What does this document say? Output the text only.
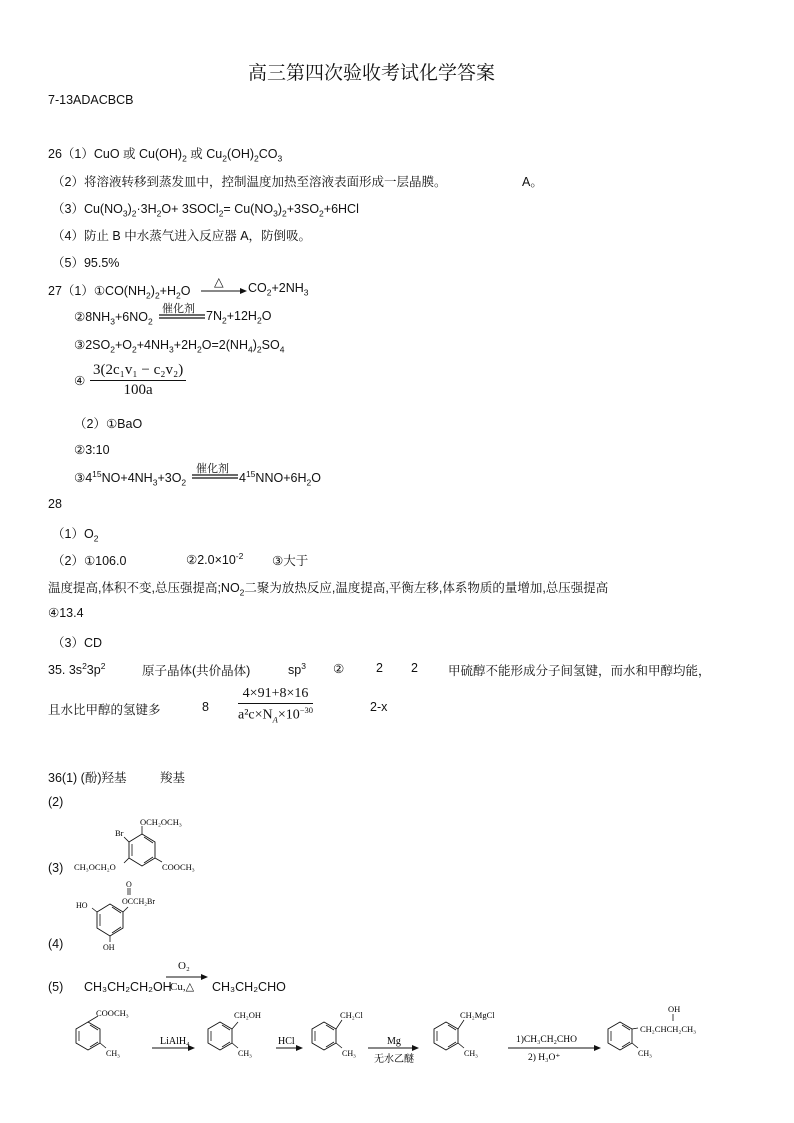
高三第四次验收考试化学答案
7-13ADACBCB
26（1）CuO 或 $Cu(OH)_2$ 或 $Cu_2(OH)_2CO_3$
（2）将溶液转移到蒸发皿中，控制温度加热至溶液表面形成一层晶膜。	A。
$(3)Cu(NO_3)_2\cdot 3H_2O+$ 3SOCl$_2$= $Cu(NO_3)_2+3SO_2+6HCl$
（4）防止 B 中水蒸气进入反应器 A，防倒吸。
（5）95.5%
$27(1)①CO(NH_2)_2+H_2O$
△ → $CO_2+2NH_3$
$②8NH_3+6NO_2$
催化剂 $7N_2+12H_2O$
$③2SO_2+O_2+4NH_3+2H_2O=2(NH_4)_2SO_4$
④ $\frac{\text{3(2c₁v₁ − c₂v₂)}}{100a}$
（2）①BaO
②3:10
$③4^{15}NO+4NH_3+3O_2$
催化剂
$4^{15}NNO+6H_2O$
28
$(1)O_2$
（2）①106.0	$②2.0\times 10^{-2}$ ③大于
温度提高,体积不变,总压强提高$;NO_2$二聚为放热反应,温度提高,平衡左移,体系物质的量增加,总压强提高
④13.4
（3）CD
35. $3s^23p^2$	原子晶体(共价晶体)	$sp^3$ ②	2 2 甲硫醇不能形成分子间氢键，而水和甲醇均能，
且水比甲醇的氢键多	$8 \frac{4\times 91+8\times 16}{a^2c\times N_A\times 10^{-30}}$	2-x
36(1) (酚)羟基	羧基
(2)
(3)
(4)
(5)
Br
OCH₂OCH₃
CH₃OCH₂O	COOCH₃
O
OCCH₂Br
HO
OH
CH₃CH₂CH₂OH
O₂
Cu,△ CH₃CH₂CHO
COOCH₃
CH₃
LiAlH₄
CH₂OH
CH₃
HCl
CH₂Cl
CH₃
Mg
无水乙醚
CH₂MgCl
CH₃
1)CH₃CH₂CHO
2) H₃O⁺
OH
CH₂CHCH₂CH₃
CH₃
